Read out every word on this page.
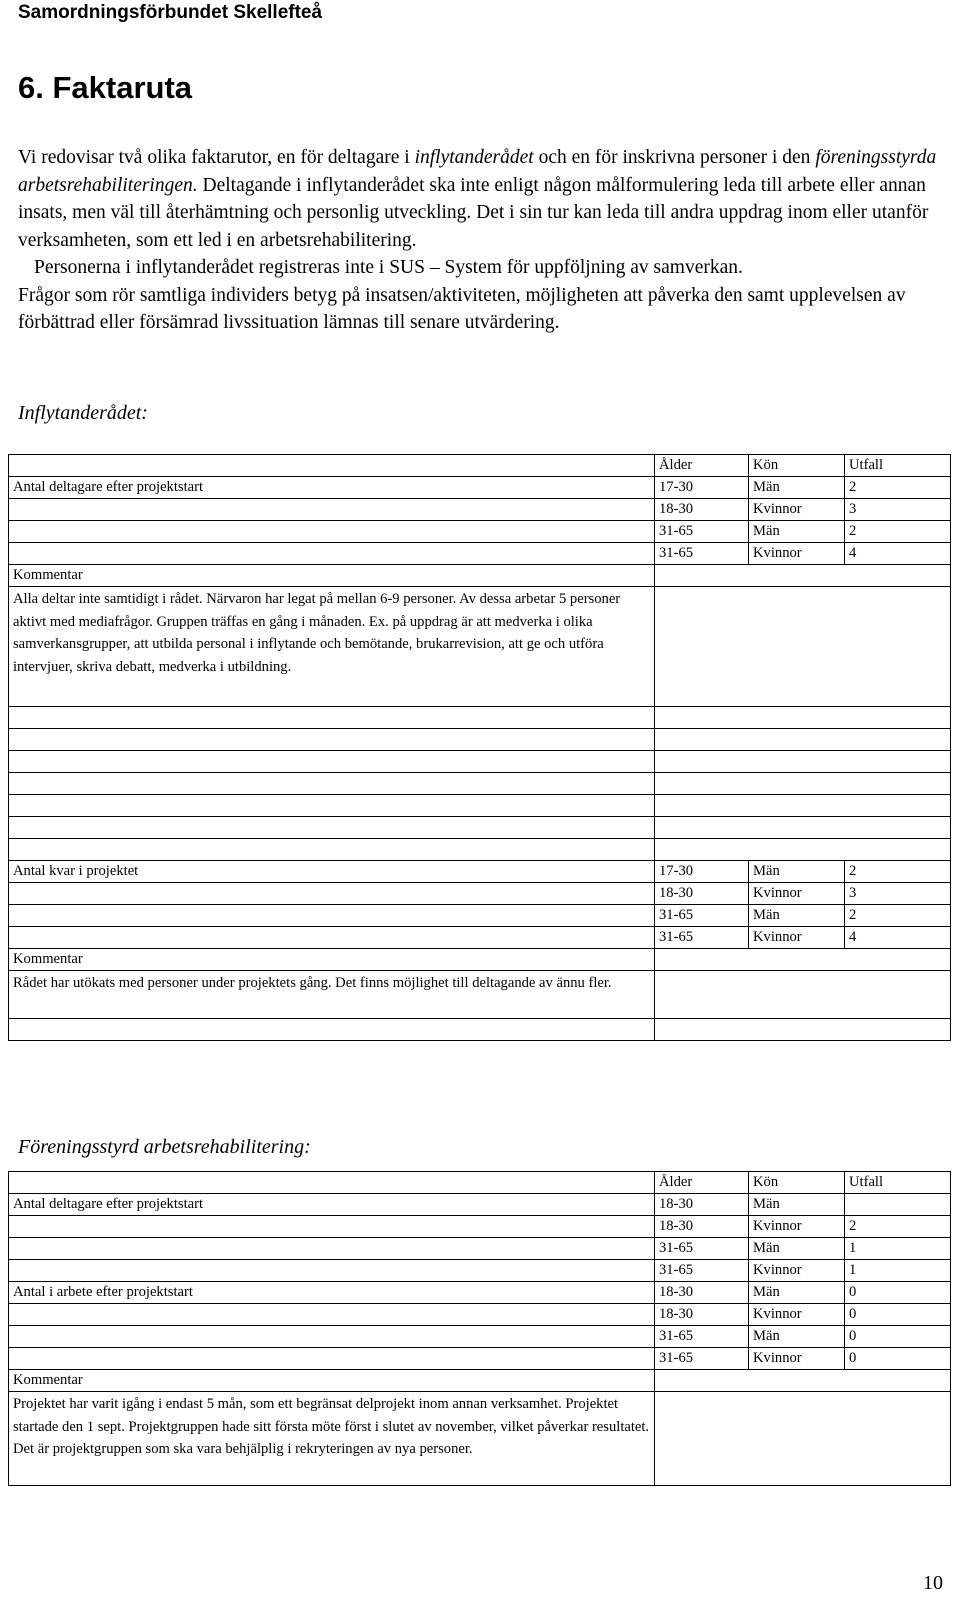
Samordningsförbundet Skellefteå
6. Faktaruta

Vi redovisar två olika faktarutor, en för deltagare i inflytanderådet och en för inskrivna personer i den föreningsstyrda arbetsrehabiliteringen. Deltagande i inflytanderådet ska inte enligt någon målformulering leda till arbete eller annan insats, men väl till återhämtning och personlig utveckling. Det i sin tur kan leda till andra uppdrag inom eller utanför verksamheten, som ett led i en arbetsrehabilitering.

Personerna i inflytanderådet registreras inte i SUS – System för uppföljning av samverkan.

Frågor som rör samtliga individers betyg på insatsen/aktiviteten, möjligheten att påverka den samt upplevelsen av förbättrad eller försämrad livssituation lämnas till senare utvärdering.

Inflytanderådet:
	Ålder	Kön	Utfall
Antal deltagare efter projektstart	17-30	Män	2
	18-30	Kvinnor	3
	31-65	Män	2
	31-65	Kvinnor	4
Kommentar			
Alla deltar inte samtidigt i rådet. Närvaron har legat på mellan 6-9 personer. Av dessa arbetar 5 personer aktivt med mediafrågor. Gruppen träffas en gång i månaden. Ex. på uppdrag är att medverka i olika samverkansgrupper, att utbilda personal i inflytande och bemötande, brukarrevision, att ge och utföra intervjuer, skriva debatt, medverka i utbildning.			

Antal kvar i projektet	17-30	Män	2
	18-30	Kvinnor	3
	31-65	Män	2
	31-65	Kvinnor	4
Kommentar			
Rådet har utökats med personer under projektets gång. Det finns möjlighet till deltagande av ännu fler.			

Föreningsstyrd arbetsrehabilitering:
	Ålder	Kön	Utfall
Antal deltagare efter projektstart	18-30	Män	
	18-30	Kvinnor	2
	31-65	Män	1
	31-65	Kvinnor	1
Antal i arbete efter projektstart	18-30	Män	0
	18-30	Kvinnor	0
	31-65	Män	0
	31-65	Kvinnor	0
Kommentar			
Projektet har varit igång i endast 5 mån, som ett begränsat delprojekt inom annan verksamhet. Projektet startade den 1 sept. Projektgruppen hade sitt första möte först i slutet av november, vilket påverkar resultatet. Det är projektgruppen som ska vara behjälplig i rekryteringen av nya personer.			
10
